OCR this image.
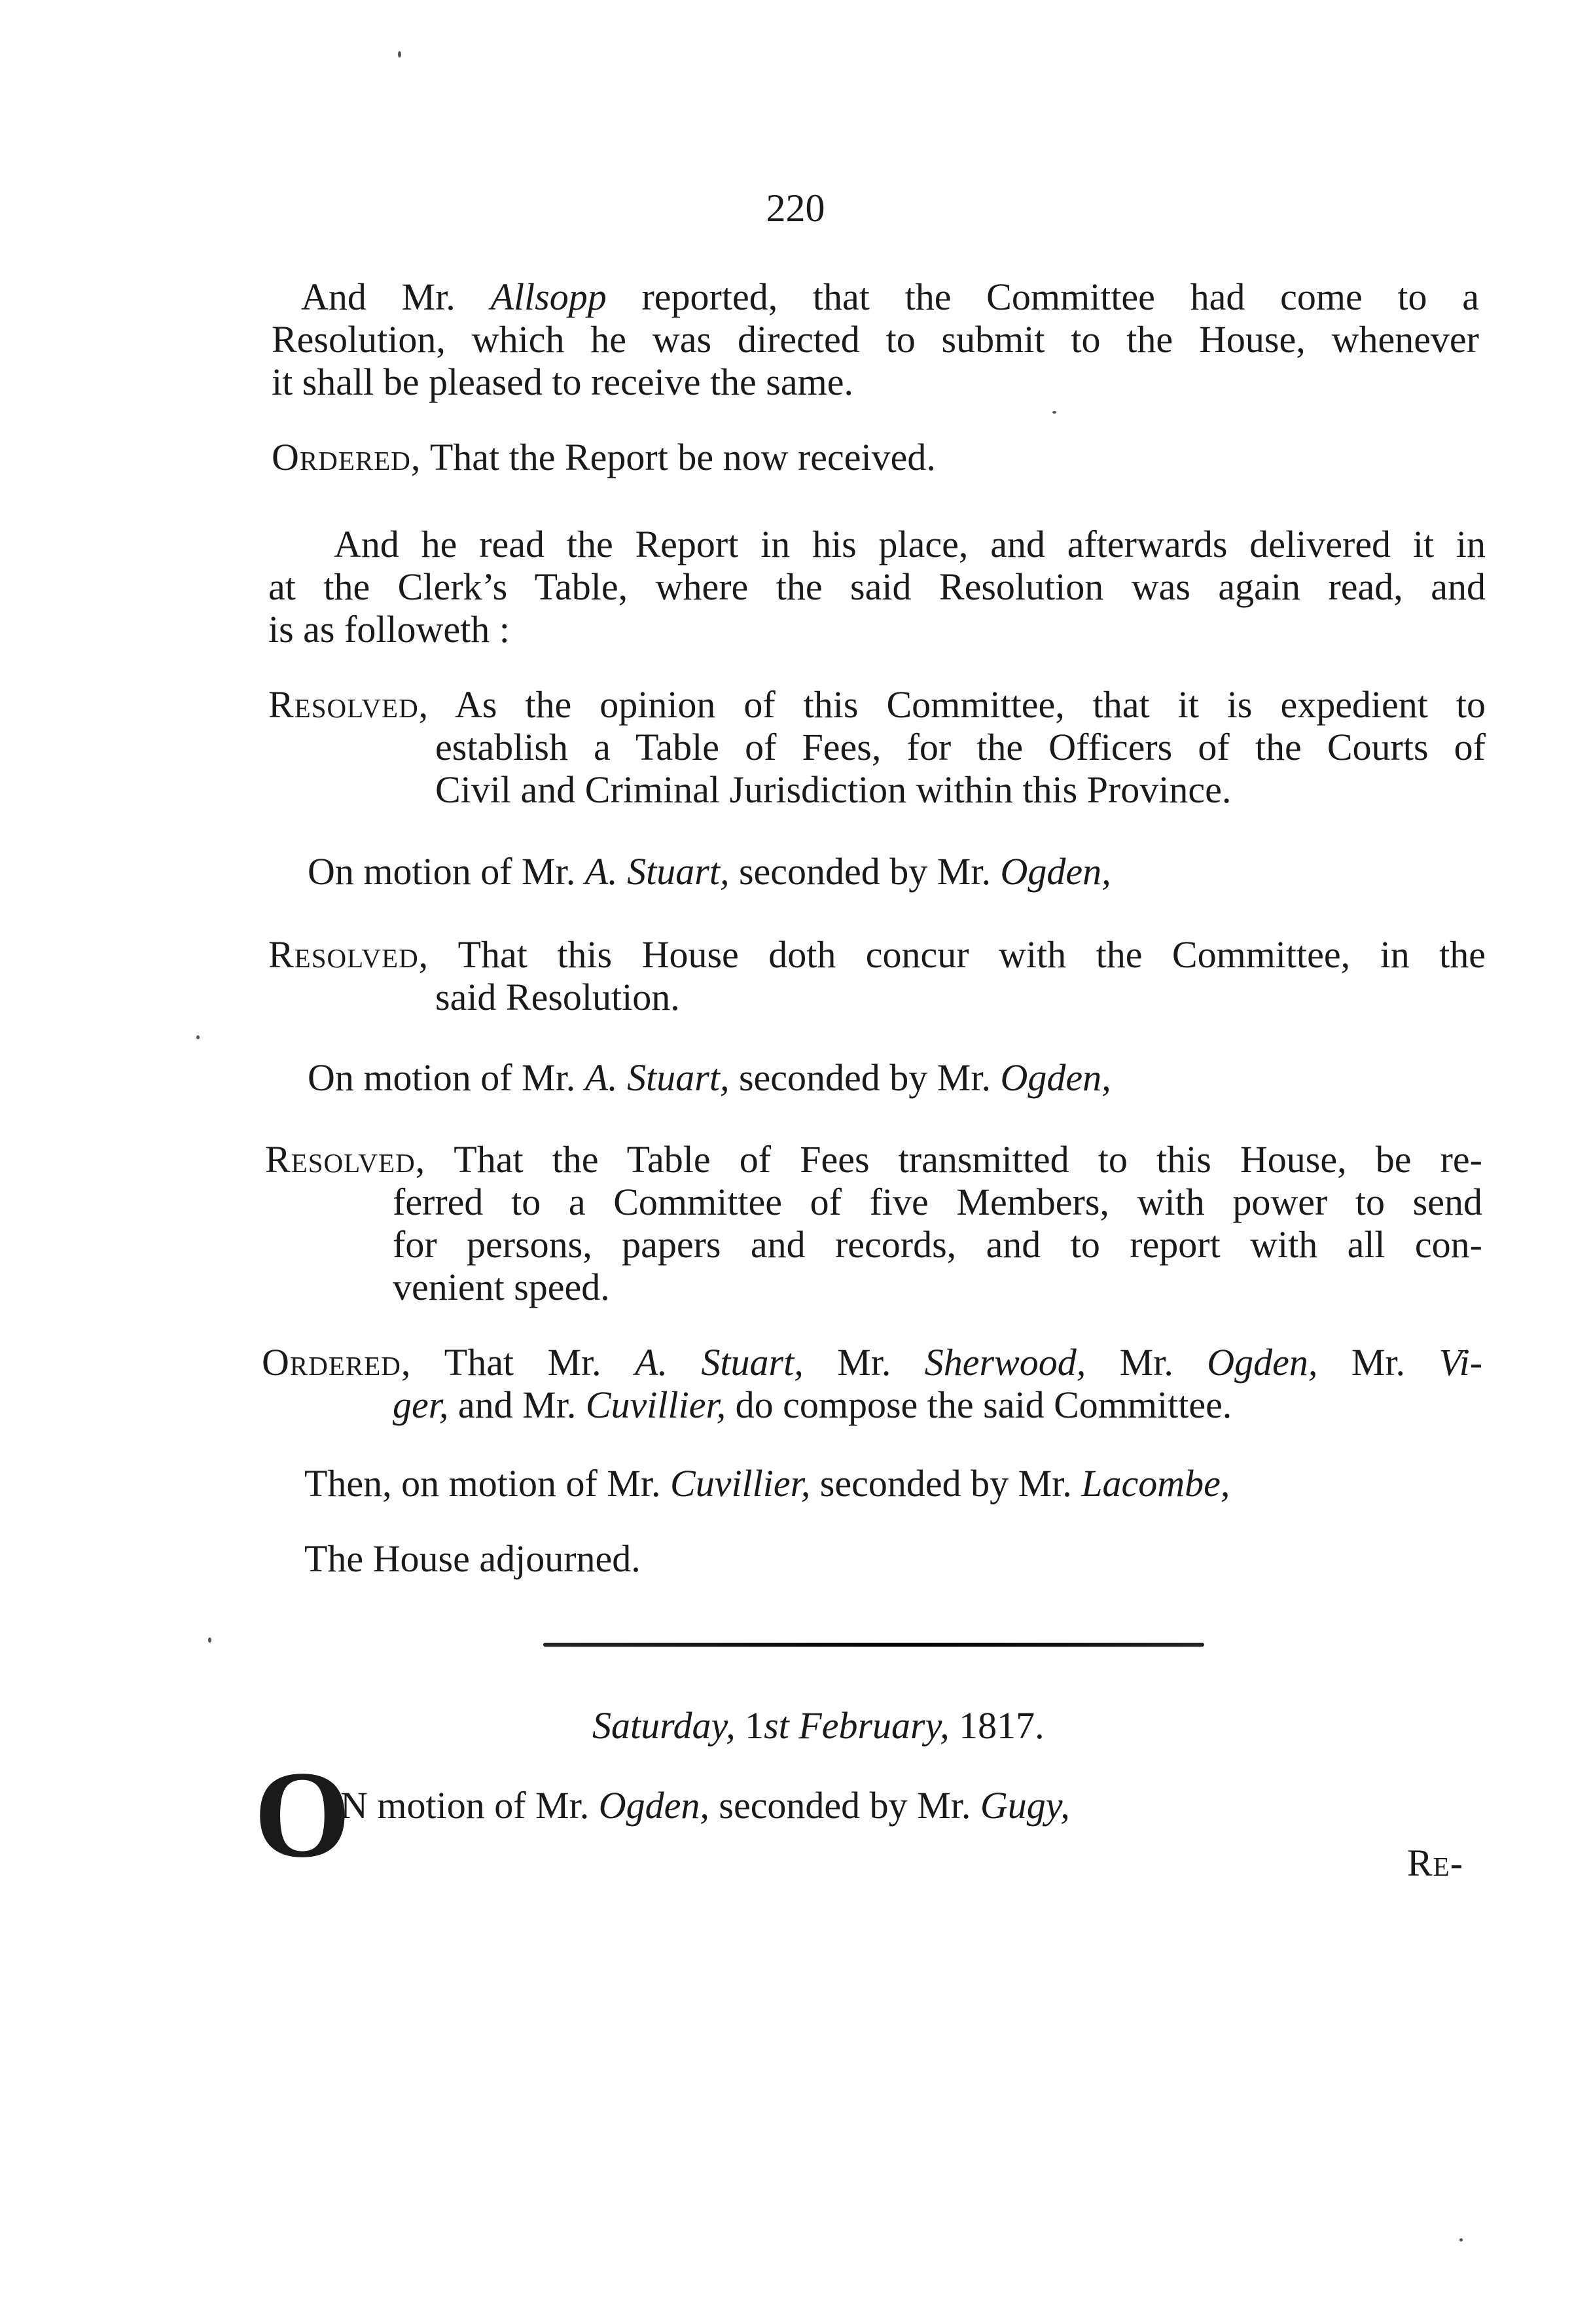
220
And Mr. Allsopp reported, that the Committee had come to a
Resolution, which he was directed to submit to the House, whenever
it shall be pleased to receive the same.
Ordered, That the Report be now received.
And he read the Report in his place, and afterwards delivered it in
at the Clerk’s Table, where the said Resolution was again read, and
is as followeth :
Resolved, As the opinion of this Committee, that it is expedient to
establish a Table of Fees, for the Officers of the Courts of
Civil and Criminal Jurisdiction within this Province.
On motion of Mr. A. Stuart, seconded by Mr. Ogden,
Resolved, That this House doth concur with the Committee, in the
said Resolution.
On motion of Mr. A. Stuart, seconded by Mr. Ogden,
Resolved, That the Table of Fees transmitted to this House, be re-
ferred to a Committee of five Members, with power to send
for persons, papers and records, and to report with all con-
venient speed.
Ordered, That Mr. A. Stuart, Mr. Sherwood, Mr. Ogden, Mr. Vi-
ger, and Mr. Cuvillier, do compose the said Committee.
Then, on motion of Mr. Cuvillier, seconded by Mr. Lacombe,
The House adjourned.
Saturday, 1st February, 1817.
O
N motion of Mr. Ogden, seconded by Mr. Gugy,
Re-
